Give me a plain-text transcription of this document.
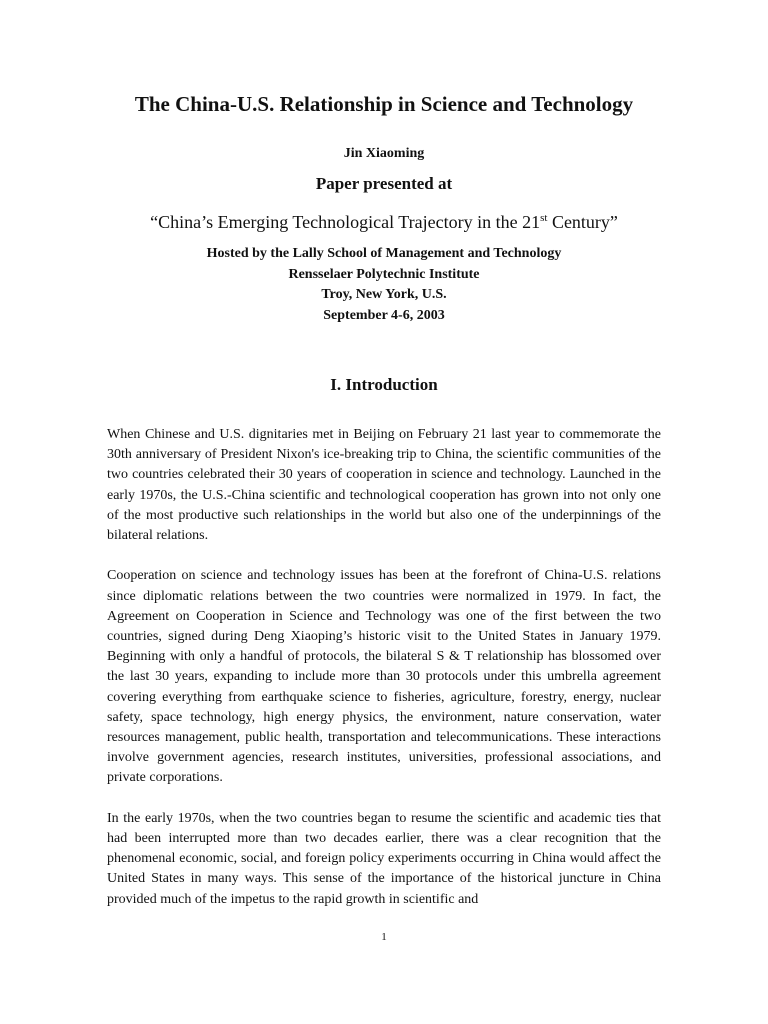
The China-U.S. Relationship in Science and Technology
Jin Xiaoming
Paper presented at
“China’s Emerging Technological Trajectory in the 21st Century”
Hosted by the Lally School of Management and Technology
Rensselaer Polytechnic Institute
Troy, New York, U.S.
September 4-6, 2003
I. Introduction

When Chinese and U.S. dignitaries met in Beijing on February 21 last year to commemorate the 30th anniversary of President Nixon's ice-breaking trip to China, the scientific communities of the two countries celebrated their 30 years of cooperation in science and technology. Launched in the early 1970s, the U.S.-China scientific and technological cooperation has grown into not only one of the most productive such relationships in the world but also one of the underpinnings of the bilateral relations.

Cooperation on science and technology issues has been at the forefront of China-U.S. relations since diplomatic relations between the two countries were normalized in 1979. In fact, the Agreement on Cooperation in Science and Technology was one of the first between the two countries, signed during Deng Xiaoping’s historic visit to the United States in January 1979. Beginning with only a handful of protocols, the bilateral S & T relationship has blossomed over the last 30 years, expanding to include more than 30 protocols under this umbrella agreement covering everything from earthquake science to fisheries, agriculture, forestry, energy, nuclear safety, space technology, high energy physics, the environment, nature conservation, water resources management, public health, transportation and telecommunications. These interactions involve government agencies, research institutes, universities, professional associations, and private corporations.

In the early 1970s, when the two countries began to resume the scientific and academic ties that had been interrupted more than two decades earlier, there was a clear recognition that the phenomenal economic, social, and foreign policy experiments occurring in China would affect the United States in many ways. This sense of the importance of the historical juncture in China provided much of the impetus to the rapid growth in scientific and

1
